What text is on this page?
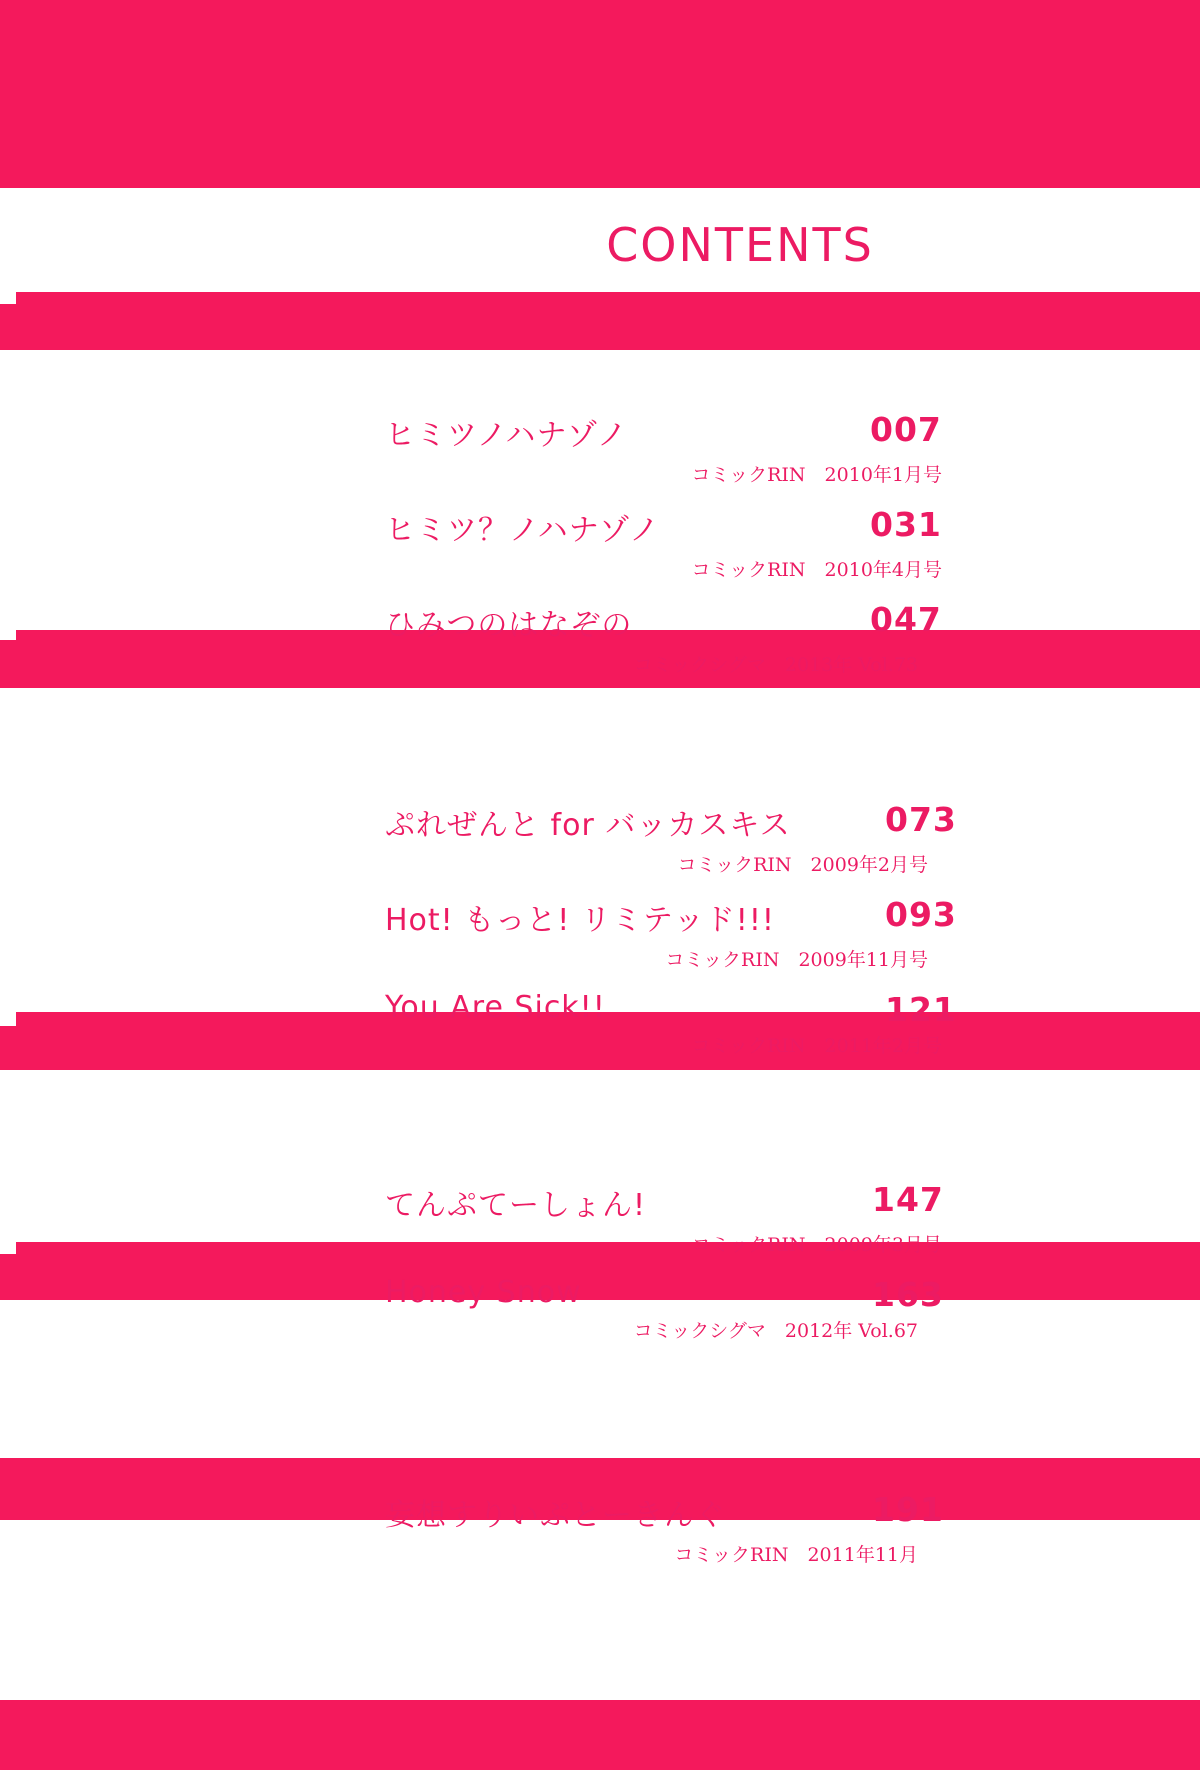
CONTENTS
ヒミツノハナゾノ	007
コミックRIN　2010年1月号
ヒミツ？ノハナゾノ	031
コミックRIN　2010年4月号
ひみつのはなぞの	047
コミックシグマ　2013年 Vol.73
ぷれぜんと for バッカスキス	073
コミックRIN　2009年2月号
Hot! もっと! リミテッド!!!	093
コミックRIN　2009年11月号
You Are Sick!!	121
コミックRIN　2011年2月号
てんぷてーしょん!	147
コミックRIN　2009年3月号
Honey Snow	163
コミックシグマ　2012年 Vol.67
妄想すりいぷとーきんぐ	191
コミックRIN　2011年11月
